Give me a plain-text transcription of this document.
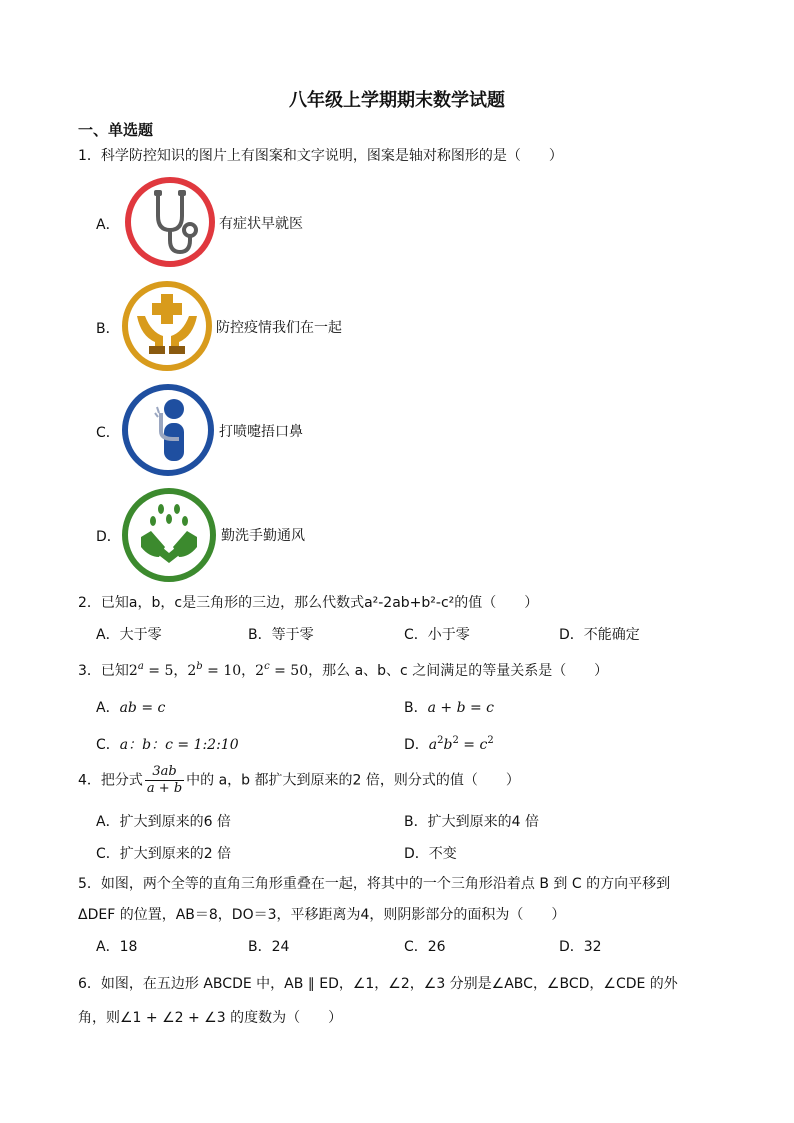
八年级上学期期末数学试题
一、单选题
1．科学防控知识的图片上有图案和文字说明，图案是轴对称图形的是（　　）
A．	有症状早就医
B．	防控疫情我们在一起
C．	打喷嚏捂口鼻
D．	勤洗手勤通风
2．已知a，b，c是三角形的三边，那么代数式a²-2ab+b²-c²的值（　　）
A．大于零	B．等于零	C．小于零	D．不能确定
3．已知$2^a = 5$，$2^b = 10$，$2^c = 50$，那么 a、b、c 之间满足的等量关系是（　　）
A．ab = c	B．a + b = c
C．a：b：c = 1:2:10	D．$a^2b^2 = c^2$
4．把分式 $\frac{3ab}{a + b}$ 中的 a，b 都扩大到原来的2 倍，则分式的值（　　）
A．扩大到原来的6 倍	B．扩大到原来的4 倍
C．扩大到原来的2 倍	D．不变
5．如图，两个全等的直角三角形重叠在一起，将其中的一个三角形沿着点 B 到 C 的方向平移到
ΔDEF 的位置，AB＝8，DO＝3，平移距离为4，则阴影部分的面积为（　　）
A．18	B．24	C．26	D．32
6．如图，在五边形 ABCDE 中，AB ∥ ED，∠1，∠2，∠3 分别是∠ABC，∠BCD，∠CDE 的外
角，则∠1 + ∠2 + ∠3 的度数为（　　）
